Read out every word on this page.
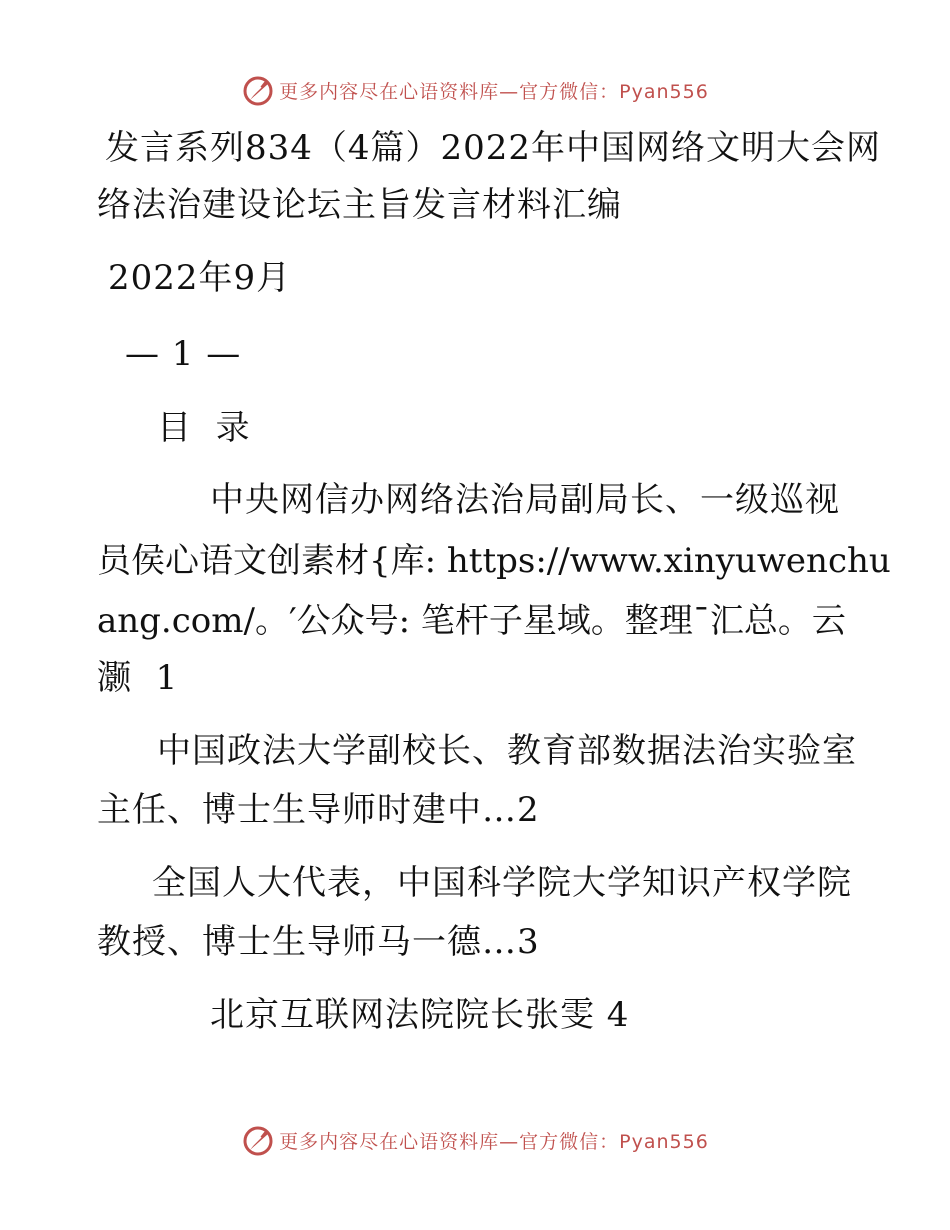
更多内容尽在心语资料库—官方微信：Pyan556
发言系列834（4篇）2022年中国网络文明大会网
络法治建设论坛主旨发言材料汇编
2022年9月
— 1 —
目  录
中央网信办网络法治局副局长、一级巡视
员侯心语文创素材{库: https://www.xinyuwenchu
ang.com/。′公众号: 笔杆子星域。整理¯汇总。云
灏  1
中国政法大学副校长、教育部数据法治实验室
主任、博士生导师时建中…2
全国人大代表，中国科学院大学知识产权学院
教授、博士生导师马一德…3
北京互联网法院院长张雯 4
更多内容尽在心语资料库—官方微信：Pyan556
